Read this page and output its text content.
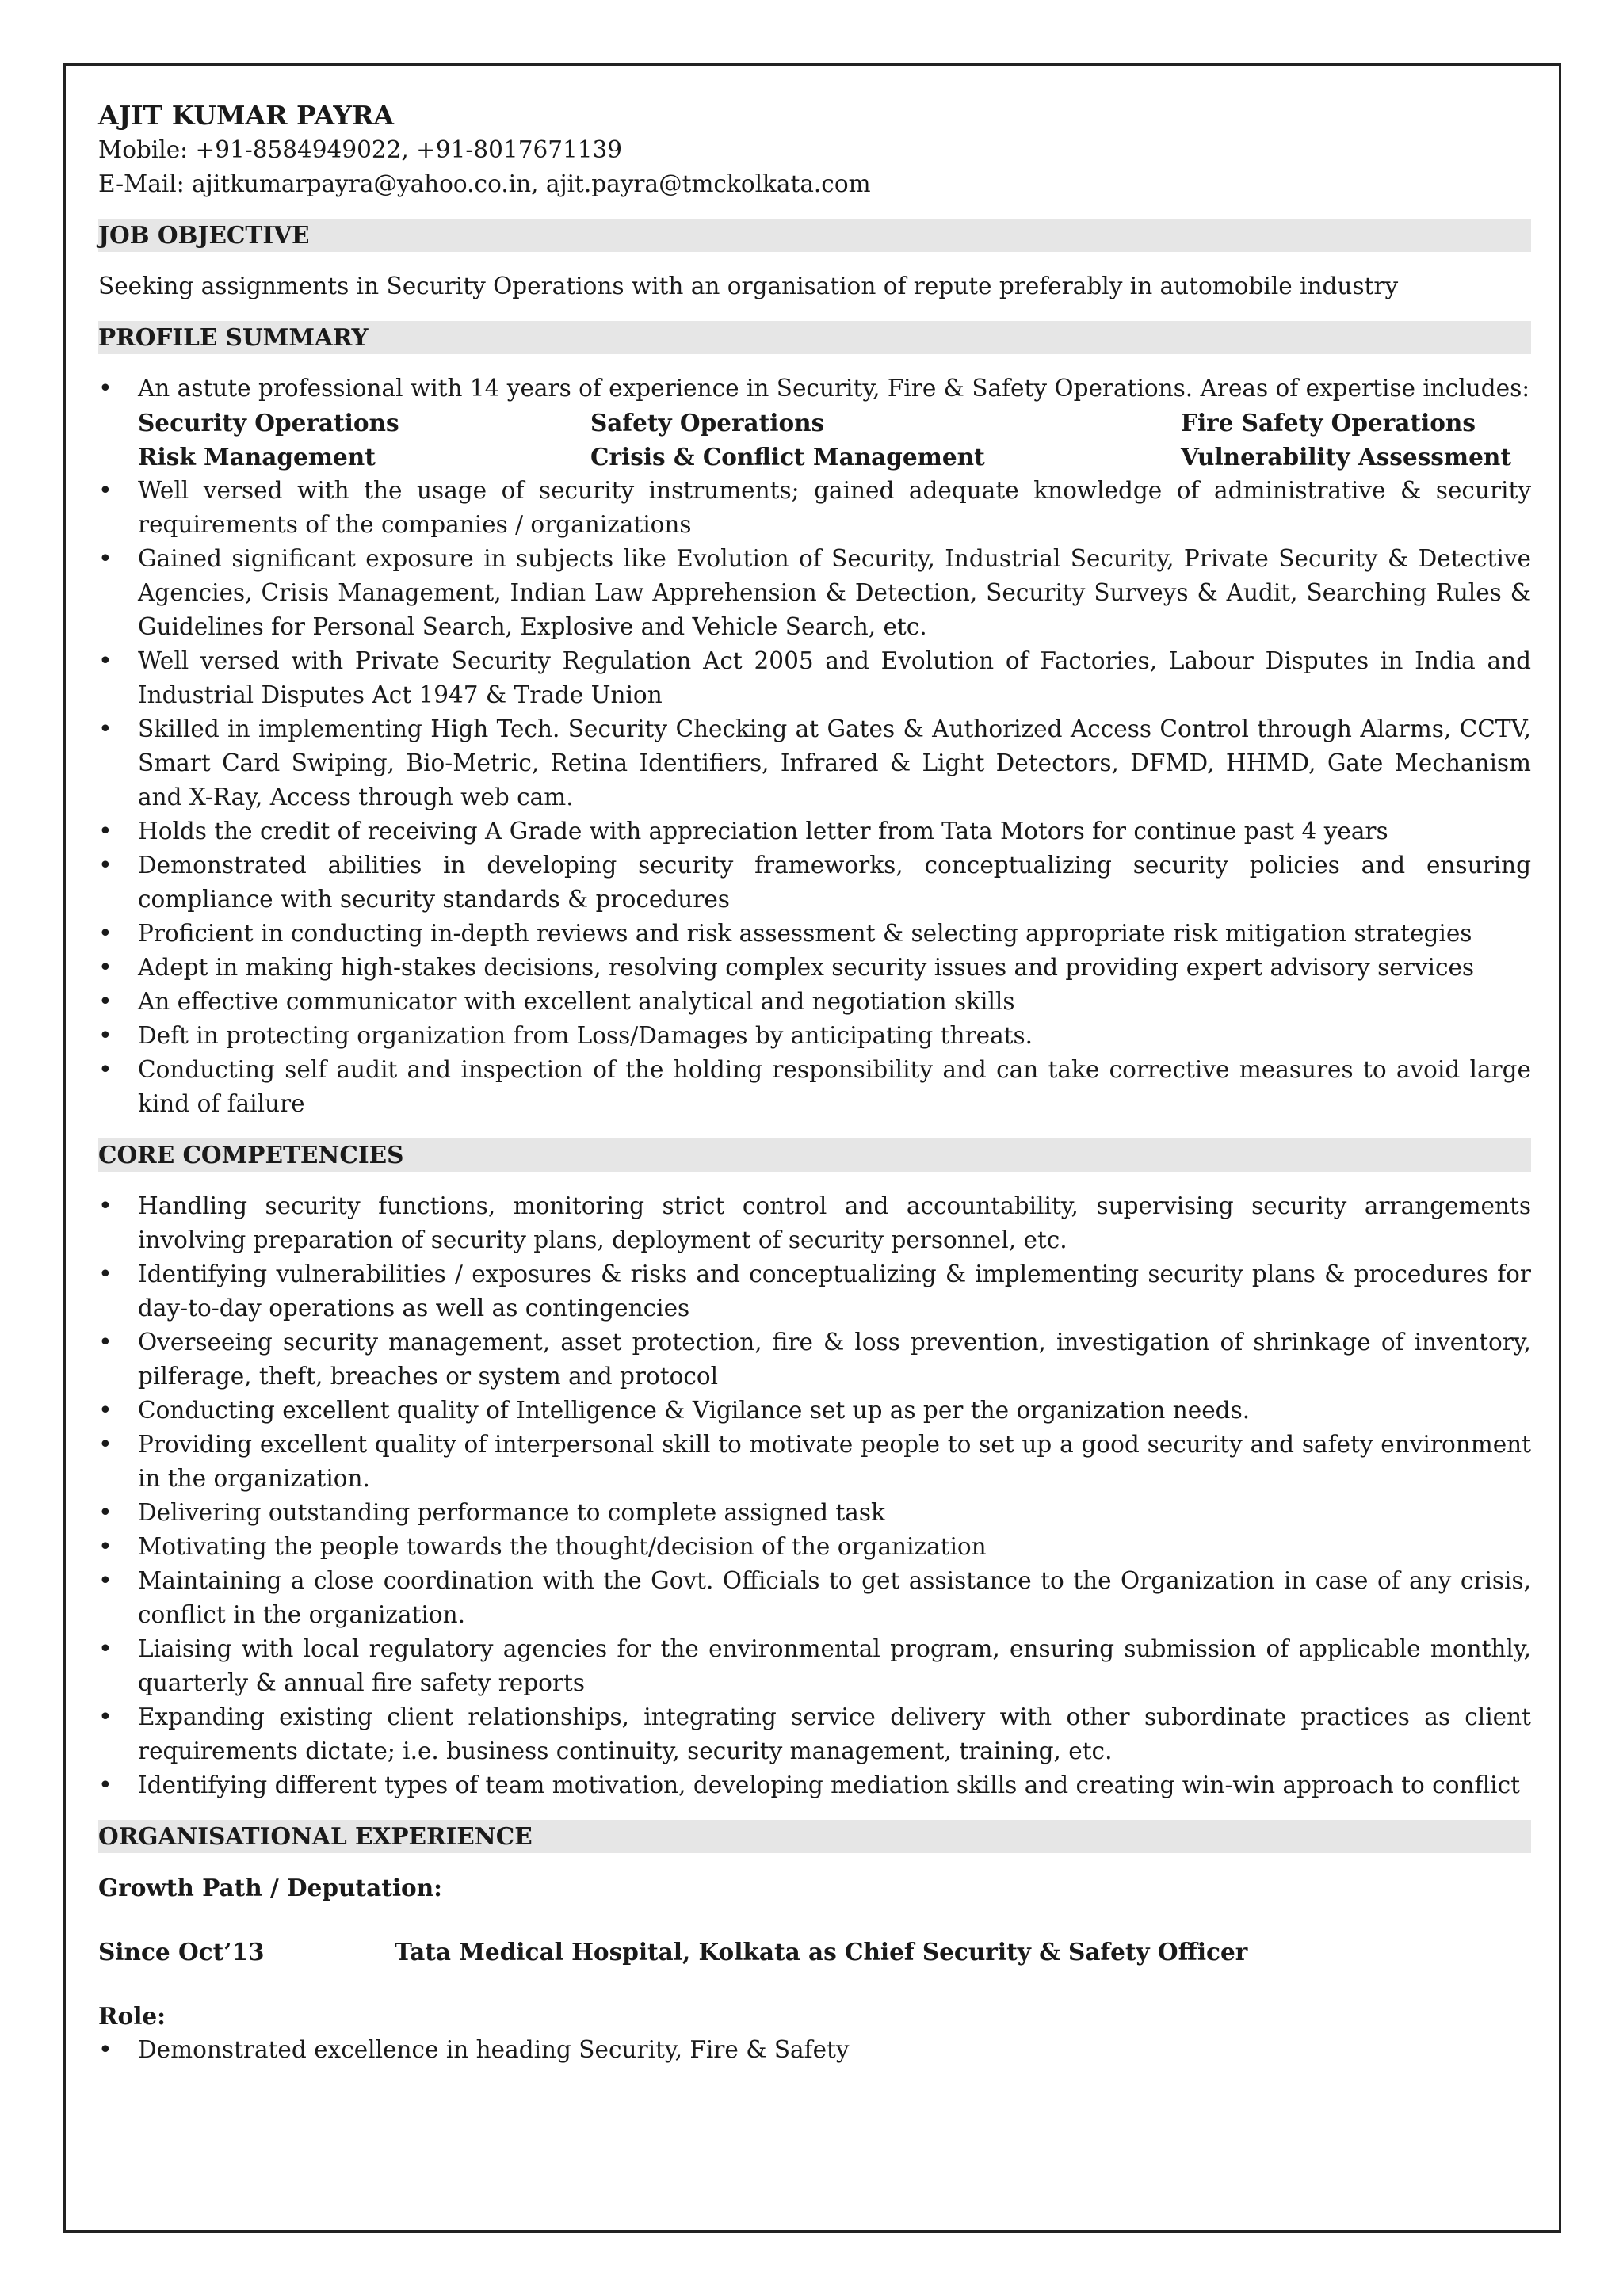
AJIT KUMAR PAYRA
Mobile: +91-8584949022, +91-8017671139
E-Mail: ajitkumarpayra@yahoo.co.in, ajit.payra@tmckolkata.com
JOB OBJECTIVE
Seeking assignments in Security Operations with an organisation of repute preferably in automobile industry
PROFILE SUMMARY
• An astute professional with 14 years of experience in Security, Fire & Safety Operations. Areas of expertise includes:
Security Operations	Safety Operations	Fire Safety Operations
Risk Management	Crisis & Conflict Management	Vulnerability Assessment
• Well versed with the usage of security instruments; gained adequate knowledge of administrative & security requirements of the companies / organizations
• Gained significant exposure in subjects like Evolution of Security, Industrial Security, Private Security & Detective Agencies, Crisis Management, Indian Law Apprehension & Detection, Security Surveys & Audit, Searching Rules & Guidelines for Personal Search, Explosive and Vehicle Search, etc.
• Well versed with Private Security Regulation Act 2005 and Evolution of Factories, Labour Disputes in India and Industrial Disputes Act 1947 & Trade Union
• Skilled in implementing High Tech. Security Checking at Gates & Authorized Access Control through Alarms, CCTV, Smart Card Swiping, Bio-Metric, Retina Identifiers, Infrared & Light Detectors, DFMD, HHMD, Gate Mechanism and X-Ray, Access through web cam.
• Holds the credit of receiving A Grade with appreciation letter from Tata Motors for continue past 4 years
• Demonstrated abilities in developing security frameworks, conceptualizing security policies and ensuring compliance with security standards & procedures
• Proficient in conducting in-depth reviews and risk assessment & selecting appropriate risk mitigation strategies
• Adept in making high-stakes decisions, resolving complex security issues and providing expert advisory services
• An effective communicator with excellent analytical and negotiation skills
• Deft in protecting organization from Loss/Damages by anticipating threats.
• Conducting self audit and inspection of the holding responsibility and can take corrective measures to avoid large kind of failure
CORE COMPETENCIES
• Handling security functions, monitoring strict control and accountability, supervising security arrangements involving preparation of security plans, deployment of security personnel, etc.
• Identifying vulnerabilities / exposures & risks and conceptualizing & implementing security plans & procedures for day-to-day operations as well as contingencies
• Overseeing security management, asset protection, fire & loss prevention, investigation of shrinkage of inventory, pilferage, theft, breaches or system and protocol
• Conducting excellent quality of Intelligence & Vigilance set up as per the organization needs.
• Providing excellent quality of interpersonal skill to motivate people to set up a good security and safety environment in the organization.
• Delivering outstanding performance to complete assigned task
• Motivating the people towards the thought/decision of the organization
• Maintaining a close coordination with the Govt. Officials to get assistance to the Organization in case of any crisis, conflict in the organization.
• Liaising with local regulatory agencies for the environmental program, ensuring submission of applicable monthly, quarterly & annual fire safety reports
• Expanding existing client relationships, integrating service delivery with other subordinate practices as client requirements dictate; i.e. business continuity, security management, training, etc.
• Identifying different types of team motivation, developing mediation skills and creating win-win approach to conflict
ORGANISATIONAL EXPERIENCE
Growth Path / Deputation:
Since Oct’13	Tata Medical Hospital, Kolkata as Chief Security & Safety Officer
Role:
• Demonstrated excellence in heading Security, Fire & Safety
